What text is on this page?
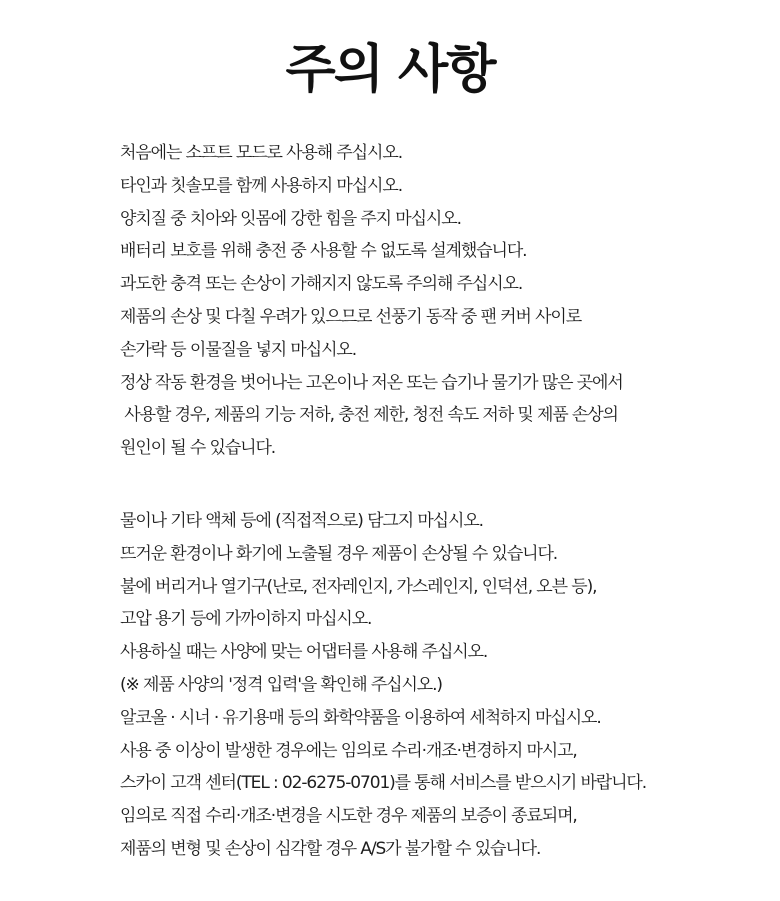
주의 사항

처음에는 소프트 모드로 사용해 주십시오.

타인과 칫솔모를 함께 사용하지 마십시오.

양치질 중 치아와 잇몸에 강한 힘을 주지 마십시오.

배터리 보호를 위해 충전 중 사용할 수 없도록 설계했습니다.

과도한 충격 또는 손상이 가해지지 않도록 주의해 주십시오.

제품의 손상 및 다칠 우려가 있으므로 선풍기 동작 중 팬 커버 사이로

손가락 등 이물질을 넣지 마십시오.

정상 작동 환경을 벗어나는 고온이나 저온 또는 습기나 물기가 많은 곳에서

사용할 경우, 제품의 기능 저하, 충전 제한, 청전 속도 저하 및 제품 손상의

원인이 될 수 있습니다.

물이나 기타 액체 등에 (직접적으로) 담그지 마십시오.

뜨거운 환경이나 화기에 노출될 경우 제품이 손상될 수 있습니다.

불에 버리거나 열기구(난로, 전자레인지, 가스레인지, 인덕션, 오븐 등),

고압 용기 등에 가까이하지 마십시오.

사용하실 때는 사양에 맞는 어댑터를 사용해 주십시오.

(※ 제품 사양의 '정격 입력'을 확인해 주십시오.)

알코올 · 시너 · 유기용매 등의 화학약품을 이용하여 세척하지 마십시오.

사용 중 이상이 발생한 경우에는 임의로 수리·개조·변경하지 마시고,

스카이 고객 센터(TEL : 02-6275-0701)를 통해 서비스를 받으시기 바랍니다.

임의로 직접 수리·개조·변경을 시도한 경우 제품의 보증이 종료되며,

제품의 변형 및 손상이 심각할 경우 A/S가 불가할 수 있습니다.
